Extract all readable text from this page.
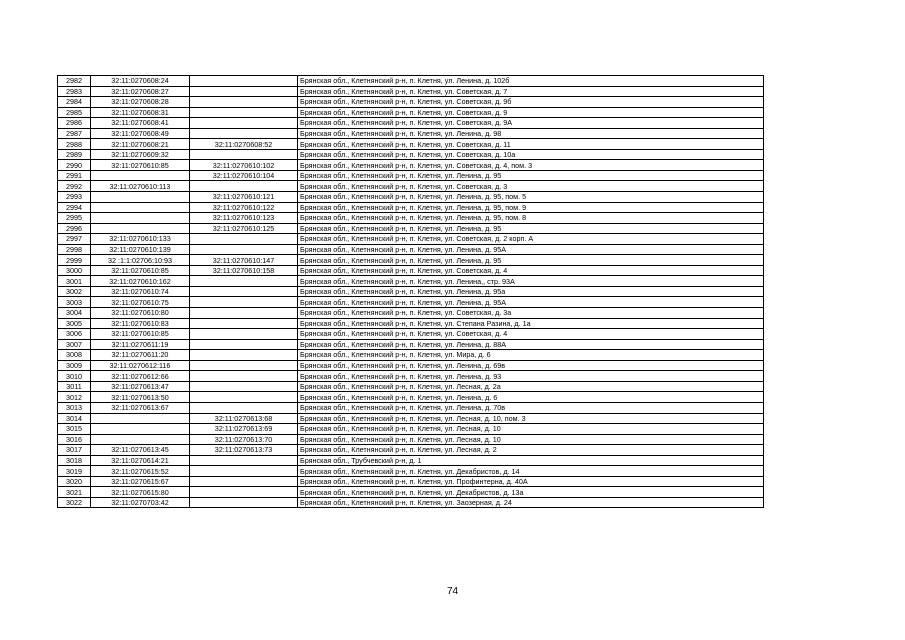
2982	32:11:0270608:24		Брянская обл., Клетнянский р-н, п. Клетня, ул. Ленина, д. 102б
2983	32:11:0270608:27		Брянская обл., Клетнянский р-н, п. Клетня, ул. Советская, д. 7
2984	32:11:0270608:28		Брянская обл., Клетнянский р-н, п. Клетня, ул. Советская, д. 9б
2985	32:11:0270608:31		Брянская обл., Клетнянский р-н, п. Клетня, ул. Советская, д. 9
2986	32:11:0270608:41		Брянская обл., Клетнянский р-н, п. Клетня, ул. Советская, д. 9А
2987	32:11:0270608:49		Брянская обл., Клетнянский р-н, п. Клетня, ул. Ленина, д. 98
2988	32:11:0270608:21	32:11:0270608:52	Брянская обл., Клетнянский р-н, п. Клетня, ул. Советская, д. 11
2989	32:11:0270609:32		Брянская обл., Клетнянский р-н, п. Клетня, ул. Советская, д. 10а
2990	32:11:0270610:85	32:11:0270610:102	Брянская обл., Клетнянский р-н, п. Клетня, ул. Советская, д. 4, пом. 3
2991		32:11:0270610:104	Брянская обл., Клетнянский р-н, п. Клетня, ул. Ленина, д. 95
2992	32:11:0270610:113		Брянская обл., Клетнянский р-н, п. Клетня, ул. Советская, д. 3
2993		32:11:0270610:121	Брянская обл., Клетнянский р-н, п. Клетня, ул. Ленина, д. 95, пом. 5
2994		32:11:0270610:122	Брянская обл., Клетнянский р-н, п. Клетня, ул. Ленина, д. 95, пом. 9
2995		32:11:0270610:123	Брянская обл., Клетнянский р-н, п. Клетня, ул. Ленина, д. 95, пом. 8
2996		32:11:0270610:125	Брянская обл., Клетнянский р-н, п. Клетня, ул. Ленина, д. 95
2997	32:11:0270610:133		Брянская обл., Клетнянский р-н, п. Клетня, ул. Советская, д. 2 корп. А
2998	32:11:0270610:139		Брянская обл., Клетнянский р-н, п. Клетня, ул. Ленина, д. 95А
2999	32 :1:1:02706:10:93	32:11:0270610:147	Брянская обл., Клетнянский р-н, п. Клетня, ул. Ленина, д. 95
3000	32:11:0270610:85	32:11:0270610:158	Брянская обл., Клетнянский р-н, п. Клетня, ул. Советская, д. 4
3001	32:11:0270610:162		Брянская обл., Клетнянский р-н, п. Клетня, ул. Ленина,, стр. 93А
3002	32:11:0270610:74		Брянская обл., Клетнянский р-н, п. Клетня, ул. Ленина, д. 95а
3003	32:11:0270610:75		Брянская обл., Клетнянский р-н, п. Клетня, ул. Ленина, д. 95А
3004	32:11:0270610:80		Брянская обл., Клетнянский р-н, п. Клетня, ул. Советская, д. 3а
3005	32:11:0270610:83		Брянская обл., Клетнянский р-н, п. Клетня, ул. Степана Разина, д. 1а
3006	32:11:0270610:85		Брянская обл., Клетнянский р-н, п. Клетня, ул. Советская, д. 4
3007	32:11:0270611:19		Брянская обл., Клетнянский р-н, п. Клетня, ул. Ленина, д. 88А
3008	32:11:0270611:20		Брянская обл., Клетнянский р-н, п. Клетня, ул. Мира, д. 6
3009	32:11:0270612:116		Брянская обл., Клетнянский р-н, п. Клетня, ул. Ленина, д. 69в
3010	32:11:0270612:66		Брянская обл., Клетнянский р-н, п. Клетня, ул. Ленина, д. 93
3011	32:11:0270613:47		Брянская обл., Клетнянский р-н, п. Клетня, ул. Лесная, д. 2а
3012	32:11:0270613:50		Брянская обл., Клетнянский р-н, п. Клетня, ул. Ленина, д. 6
3013	32:11:0270613:67		Брянская обл., Клетнянский р-н, п. Клетня, ул. Ленина, д. 70в
3014		32:11:0270613:68	Брянская обл., Клетнянский р-н, п. Клетня, ул. Лесная, д. 10, пом. 3
3015		32:11:0270613:69	Брянская обл., Клетнянский р-н, п. Клетня, ул. Лесная, д. 10
3016		32:11:0270613:70	Брянская обл., Клетнянский р-н, п. Клетня, ул. Лесная, д. 10
3017	32:11:0270613:45	32:11:0270613:73	Брянская обл., Клетнянский р-н, п. Клетня, ул. Лесная, д. 2
3018	32:11:0270614:21		Брянская обл., Трубчевский р-н, д. 1
3019	32:11:0270615:52		Брянская обл., Клетнянский р-н, п. Клетня, ул. Декабристов, д. 14
3020	32:11:0270615:67		Брянская обл., Клетнянский р-н, п. Клетня, ул. Профинтерна, д. 40А
3021	32:11:0270615:80		Брянская обл., Клетнянский р-н, п. Клетня, ул. Декабристов, д. 13а
3022	32:11:0270703:42		Брянская обл., Клетнянский р-н, п. Клетня, ул. Заозерная, д. 24
74
